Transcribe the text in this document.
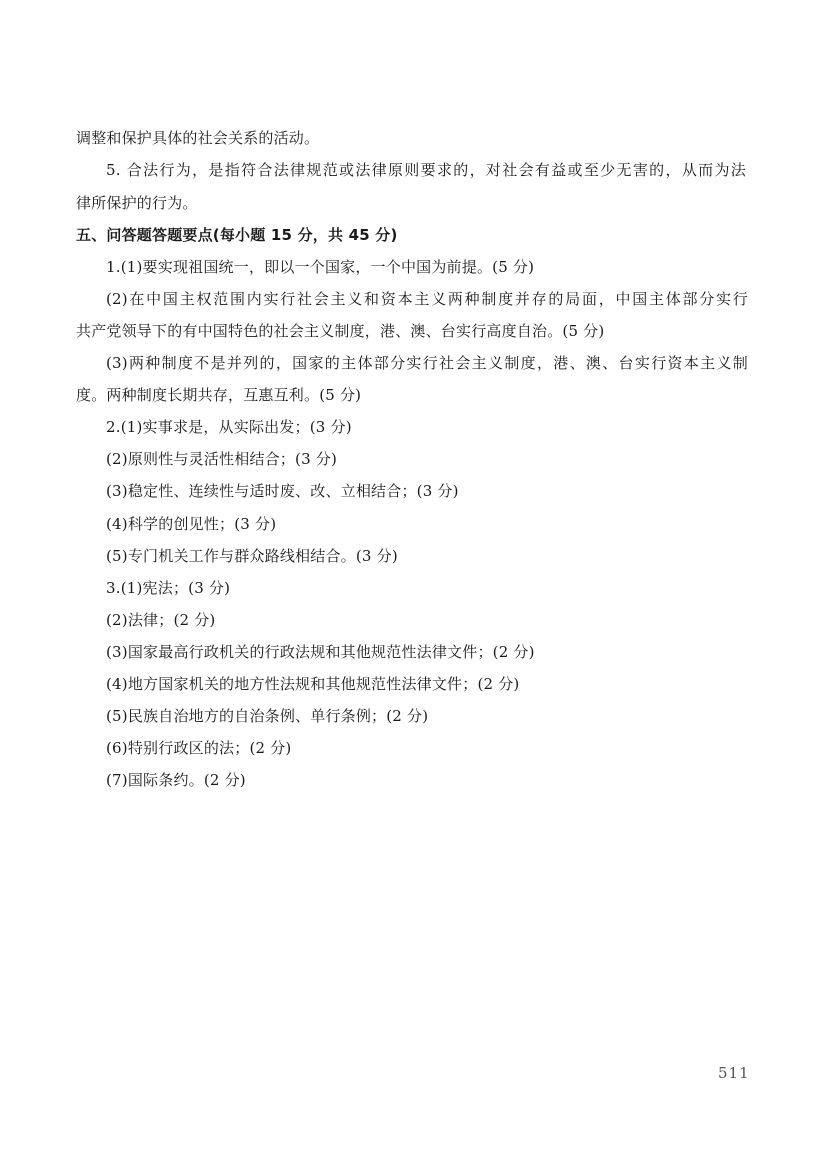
调整和保护具体的社会关系的活动。
5. 合法行为，是指符合法律规范或法律原则要求的，对社会有益或至少无害的，从而为法
律所保护的行为。
五、问答题答题要点(每小题 15 分，共 45 分)
1.(1)要实现祖国统一，即以一个国家，一个中国为前提。(5 分)
(2)在中国主权范围内实行社会主义和资本主义两种制度并存的局面，中国主体部分实行
共产党领导下的有中国特色的社会主义制度，港、澳、台实行高度自治。(5 分)
(3)两种制度不是并列的，国家的主体部分实行社会主义制度，港、澳、台实行资本主义制
度。两种制度长期共存，互惠互利。(5 分)
2.(1)实事求是，从实际出发；(3 分)
(2)原则性与灵活性相结合；(3 分)
(3)稳定性、连续性与适时废、改、立相结合；(3 分)
(4)科学的创见性；(3 分)
(5)专门机关工作与群众路线相结合。(3 分)
3.(1)宪法；(3 分)
(2)法律；(2 分)
(3)国家最高行政机关的行政法规和其他规范性法律文件；(2 分)
(4)地方国家机关的地方性法规和其他规范性法律文件；(2 分)
(5)民族自治地方的自治条例、单行条例；(2 分)
(6)特别行政区的法；(2 分)
(7)国际条约。(2 分)
511
